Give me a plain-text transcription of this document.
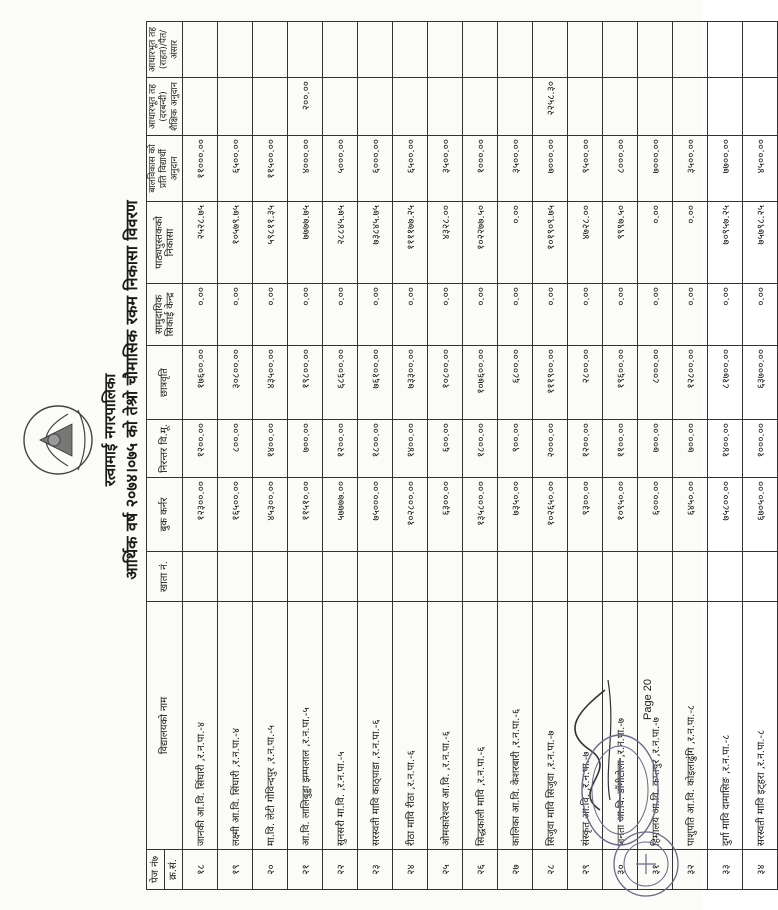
रत्वामाई नगरपालिका आर्थिक वर्ष २०७४।०७५ को तेश्रो चौमासिक रकम निकासा विवरण
पेज नं७	विद्यालयको नाम	खाता नं.	बुक कर्नर	निरन्तर वि.मू.	छात्रवृति	सामुदायिक सिकाई केन्द्र	पाठ्यपुस्तकको निकासा	बालविकास को प्रति विद्यार्थी अनुदान	आधारभूत तह (दरबन्दी) शैक्षिक अनुदान	आधारभूत तह (राहत)/पैत/अंसार
क्र.सं.										
१८	जानकी आ.वि. सिंघारी ,र.न.पा.-४		१२३००.००	१२००.००	१७६००.००	०.००	२५२८.७५	११०००.००		
१९	लक्ष्मी आ.वि. सिंघारी ,र.न.पा.-४		१६५००.००	८००.००	३०८००.००	०.००	१०५७९.७५	६५००.००		
२०	मा.वि. लेटी गोविन्दपुर ,र.न.पा.-५		४५३००.००	१४००.००	४३५००.००	०.००	५९८११.३५	११५००.००		
२१	आ.वि. लालिबुड्डा झम्पलाल ,र.न.पा.-५		११५१०.००	७००.००	१९८००.००	०.००	७७७७.७५	४०००.००	२००.००	
२२	सुनसरी मा.वि. ,र.न.पा.-५		५७७७७.००	१२००.००	६८६००.००	०.००	२८८४५.७५	५०००.००		
२३	सरस्वती मावि काठ्‍पाडा ,र.न.पा.-६		७५०००.००	१८००.००	७६१००.००	०.००	७३८४५.७५	६०००.००		
२४	रीठा मावि रीठा ,र.न.पा.-६		१०२८००.००	१४००.००	७३३००.००	०.००	११११७७.२५	६५००.००		
२५	ओमकारेश्वर आ.वि. ,र.न.पा.-६		६३००.००	६००.००	१०८००.००	०.००	४३२८.००	३५००.००		
२६	सिद्धकाली मावि ,र.न.पा.-६		१३५८००.००	१८००.००	१०७६००.००	०.००	१०२२७७.५०	१०००.००		
२७	कालिका आ.वि. केशरबारी ,र.न.पा.-६		७३५०.००	९००.००	६८००.००	०.००	०.००	३५००.००		
२८	सिजुवा मावि सिजुवा ,र.न.पा.-७		१०२६५०.००	२०००.००	१११९००.००	०.००	१०१९०९.७५	७०००.००	२२५८.३०	
२९	संस्कृत आ.वि. ,र.न.पा.-७		९३००.००	१२००.००	२८००.००	०.००	४७२८.००	९५००.००		
३०	जनता आ.वि. डाँगीटोला ,र.न.पा.-७		१०९५०.००	११००.००	१९६००.००	०.००	९९९७.५०	८०००.००		
३१	हिमालय आ.वि. कप्तपुर ,र.न.पा.-७		६०००.००	७००.००	८०००.००	०.००	०.००	७०००.००		
३२	पाशुपति आ.वि. कोइलाढुंगि ,र.न.पा.-८		६४५०.००	७००.००	१२८००.००	०.००	०.००	३५००.००		
३३	दुर्गा मावि दामासिङ ,र.न.पा.-८		७५८००.००	१४००.००	८१७००.००	०.००	७०९५७.२५	७७००.००		
३४	सरस्वती मावि इट्हरा ,र.न.पा.-८		६७०५०.००	१०००.००	६३७००.००	०.००	७५७९८.२५	४५००.००		
Page 20
